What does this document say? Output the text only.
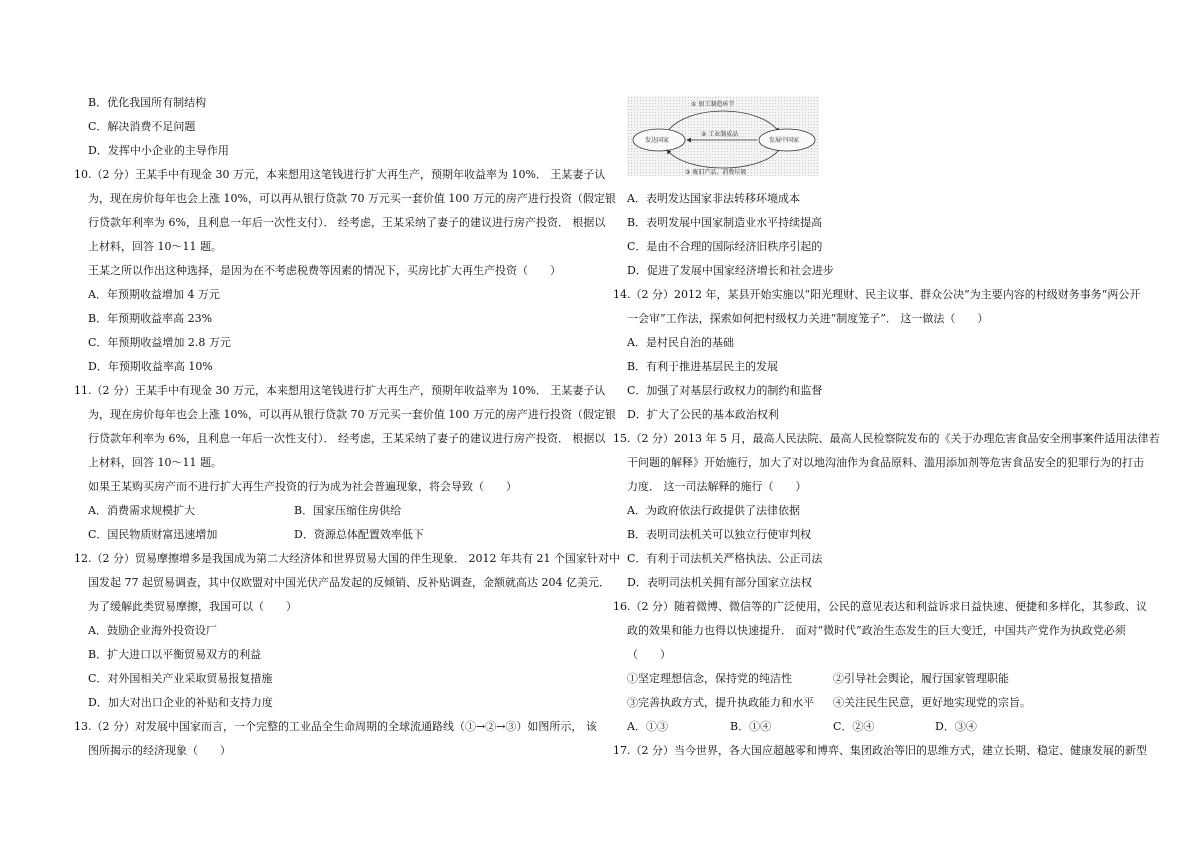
B．优化我国所有制结构
C．解决消费不足问题
D．发挥中小企业的主导作用
10.（2 分）王某手中有现金 30 万元，本来想用这笔钱进行扩大再生产，预期年收益率为 10%． 王某妻子认
为，现在房价每年也会上涨 10%，可以再从银行贷款 70 万元买一套价值 100 万元的房产进行投资（假定银
行贷款年利率为 6%，且利息一年后一次性支付）． 经考虑，王某采纳了妻子的建议进行房产投资． 根据以
上材料，回答 10～11 题。
王某之所以作出这种选择，是因为在不考虑税费等因素的情况下，买房比扩大再生产投资（　　）
A．年预期收益增加 4 万元
B．年预期收益率高 23%
C．年预期收益增加 2.8 万元
D．年预期收益率高 10%
11.（2 分）王某手中有现金 30 万元，本来想用这笔钱进行扩大再生产，预期年收益率为 10%． 王某妻子认
为，现在房价每年也会上涨 10%，可以再从银行贷款 70 万元买一套价值 100 万元的房产进行投资（假定银
行贷款年利率为 6%，且利息一年后一次性支付）． 经考虑，王某采纳了妻子的建议进行房产投资． 根据以
上材料，回答 10～11 题。
如果王某购买房产而不进行扩大再生产投资的行为成为社会普遍现象，将会导致（　　）
A．消费需求规模扩大	B．国家压缩住房供给
C．国民物质财富迅速增加	D．资源总体配置效率低下
12.（2 分）贸易摩擦增多是我国成为第二大经济体和世界贸易大国的伴生现象． 2012 年共有 21 个国家针对中
国发起 77 起贸易调查，其中仅欧盟对中国光伏产品发起的反倾销、反补贴调查，金额就高达 204 亿美元．
为了缓解此类贸易摩擦，我国可以（　　）
A．鼓励企业海外投资设厂
B．扩大进口以平衡贸易双方的利益
C．对外国相关产业采取贸易报复措施
D．加大对出口企业的补贴和支持力度
13.（2 分）对发展中国家而言，一个完整的工业品全生命周期的全球流通路线（①→②→③）如图所示， 该
图所揭示的经济现象（　　）
① 加工制造环节
发达国家	发展中国家
② 工业制成品
③ 废旧产品，消费垃圾
A．表明发达国家非法转移环境成本
B．表明发展中国家制造业水平持续提高
C．是由不合理的国际经济旧秩序引起的
D．促进了发展中国家经济增长和社会进步
14.（2 分）2012 年，某县开始实施以“阳光理财、民主议事、群众公决”为主要内容的村级财务事务“两公开
一会审”工作法，探索如何把村级权力关进“制度笼子”． 这一做法（　　）
A．是村民自治的基础
B．有利于推进基层民主的发展
C．加强了对基层行政权力的制约和监督
D．扩大了公民的基本政治权利
15.（2 分）2013 年 5 月，最高人民法院、最高人民检察院发布的《关于办理危害食品安全刑事案件适用法律若
干问题的解释》开始施行，加大了对以地沟油作为食品原料、滥用添加剂等危害食品安全的犯罪行为的打击
力度． 这一司法解释的施行（　　）
A．为政府依法行政提供了法律依据
B．表明司法机关可以独立行使审判权
C．有利于司法机关严格执法、公正司法
D．表明司法机关拥有部分国家立法权
16.（2 分）随着微博、微信等的广泛使用，公民的意见表达和利益诉求日益快速、便捷和多样化，其参政、议
政的效果和能力也得以快速提升． 面对“微时代”政治生态发生的巨大变迁，中国共产党作为执政党必须
（　　）
①坚定理想信念，保持党的纯洁性	②引导社会舆论，履行国家管理职能
③完善执政方式，提升执政能力和水平 ④关注民生民意，更好地实现党的宗旨。
A．①③	B．①④	C．②④	D．③④
17.（2 分）当今世界，各大国应超越零和博弈、集团政治等旧的思维方式，建立长期、稳定、健康发展的新型
